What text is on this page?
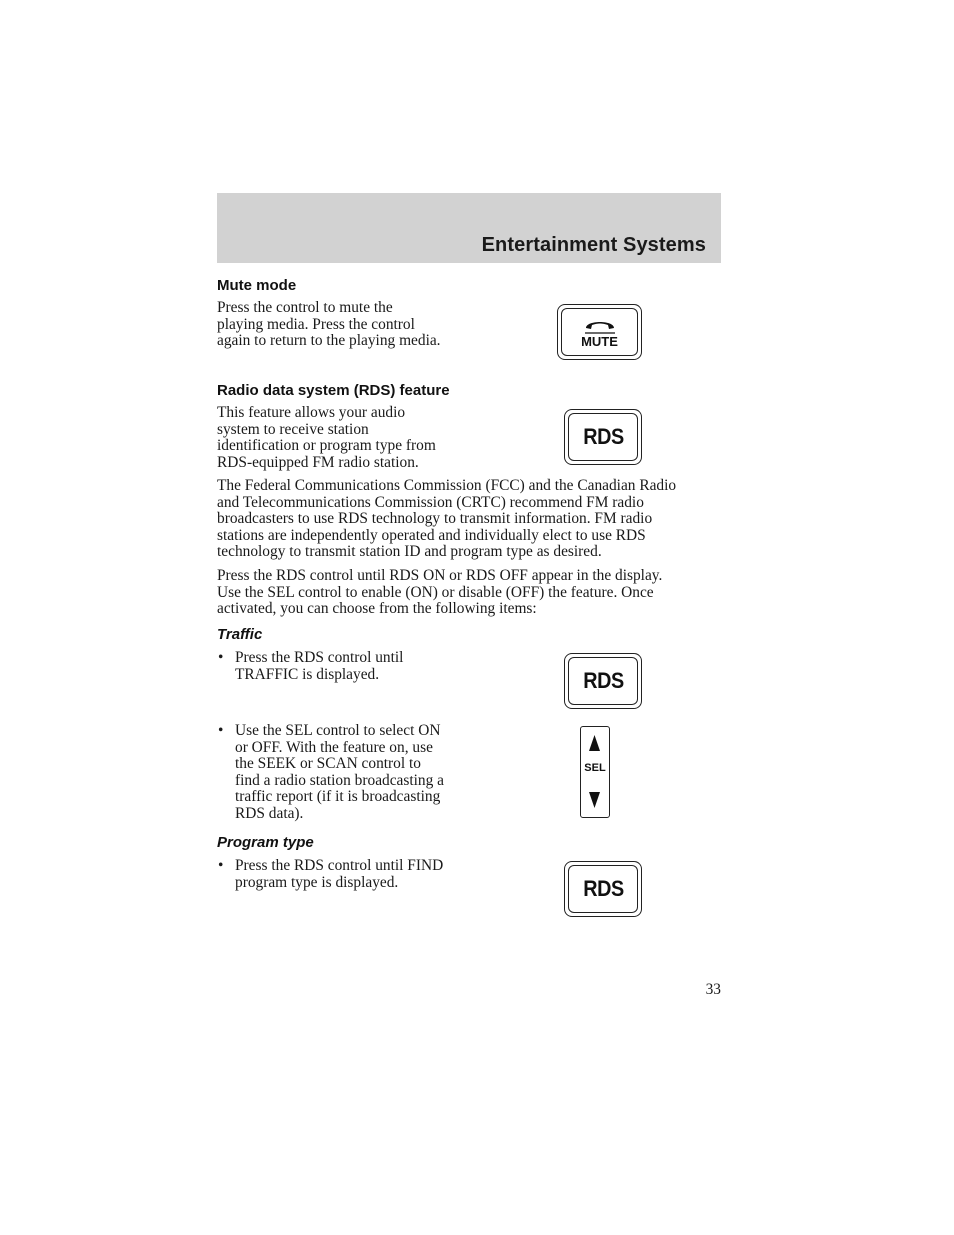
Entertainment Systems
Mute mode
Press the control to mute the
playing media. Press the control
again to return to the playing media.	MUTE
Radio data system (RDS) feature
This feature allows your audio
system to receive station
identification or program type from
RDS-equipped FM radio station.
RDS
The Federal Communications Commission (FCC) and the Canadian Radio
and Telecommunications Commission (CRTC) recommend FM radio
broadcasters to use RDS technology to transmit information. FM radio
stations are independently operated and individually elect to use RDS
technology to transmit station ID and program type as desired.
Press the RDS control until RDS ON or RDS OFF appear in the display.
Use the SEL control to enable (ON) or disable (OFF) the feature. Once
activated, you can choose from the following items:
Traffic
• Press the RDS control until
TRAFFIC is displayed.	RDS
• Use the SEL control to select ON
or OFF. With the feature on, use
the SEEK or SCAN control to
find a radio station broadcasting a
traffic report (if it is broadcasting
RDS data).
SEL
Program type
• Press the RDS control until FIND
program type is displayed.	RDS
33
